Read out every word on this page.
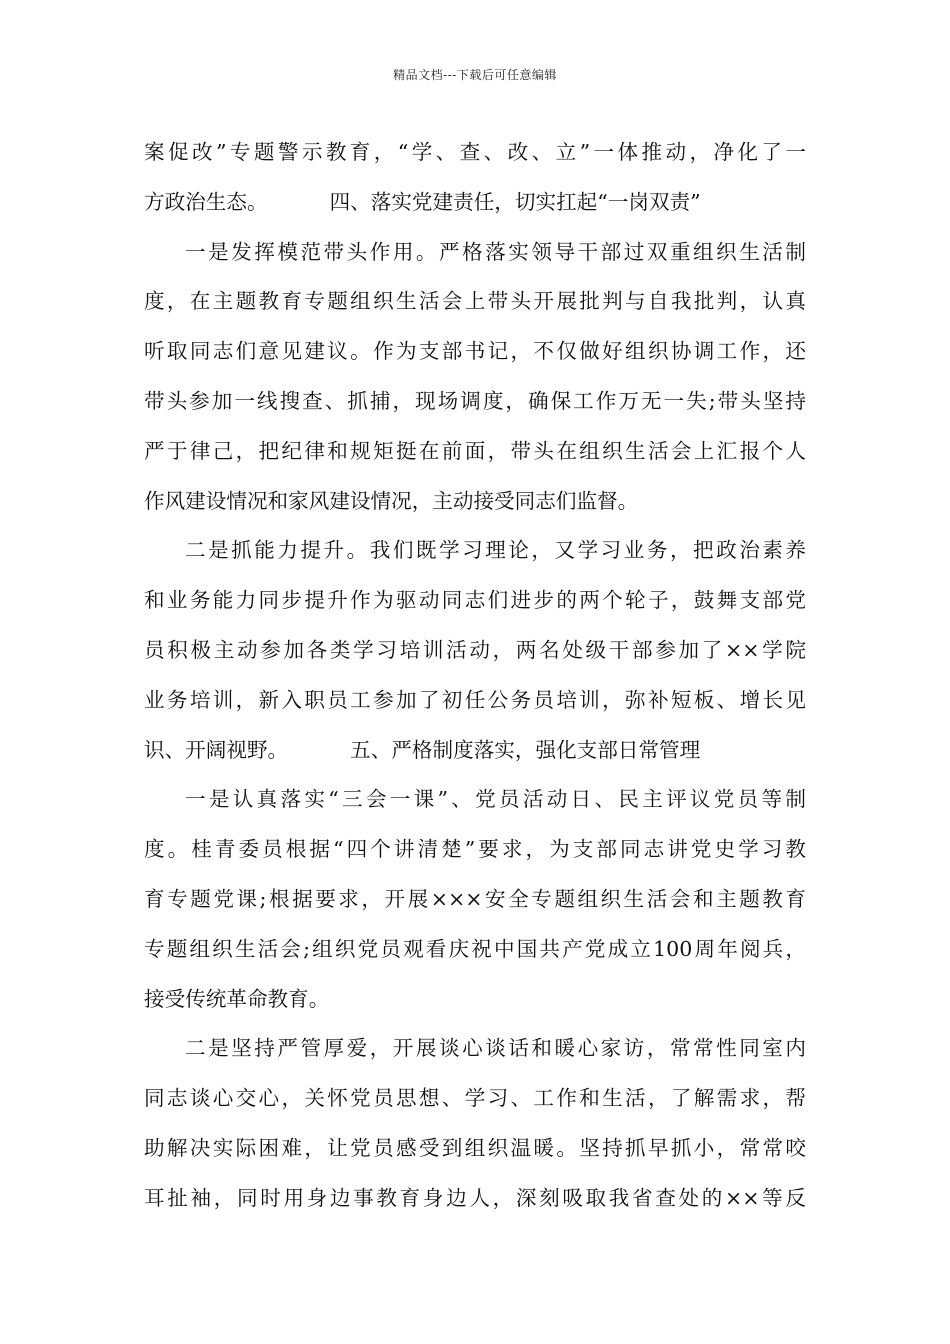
精品文档---下载后可任意编辑
案促改”专题警示教育，“学、查、改、立”一体推动，净化了一
方政治生态。	四、落实党建责任，切实扛起“一岗双责”
一是发挥模范带头作用。严格落实领导干部过双重组织生活制
度，在主题教育专题组织生活会上带头开展批判与自我批判，认真
听取同志们意见建议。作为支部书记，不仅做好组织协调工作，还
带头参加一线搜查、抓捕，现场调度，确保工作万无一失;带头坚持
严于律己，把纪律和规矩挺在前面，带头在组织生活会上汇报个人
作风建设情况和家风建设情况，主动接受同志们监督。
二是抓能力提升。我们既学习理论，又学习业务，把政治素养
和业务能力同步提升作为驱动同志们进步的两个轮子，鼓舞支部党
员积极主动参加各类学习培训活动，两名处级干部参加了××学院
业务培训，新入职员工参加了初任公务员培训，弥补短板、增长见
识、开阔视野。	五、严格制度落实，强化支部日常管理
一是认真落实“三会一课”、党员活动日、民主评议党员等制
度。桂青委员根据“四个讲清楚”要求，为支部同志讲党史学习教
育专题党课;根据要求，开展×××安全专题组织生活会和主题教育
专题组织生活会;组织党员观看庆祝中国共产党成立100周年阅兵，
接受传统革命教育。
二是坚持严管厚爱，开展谈心谈话和暖心家访，常常性同室内
同志谈心交心，关怀党员思想、学习、工作和生活，了解需求，帮
助解决实际困难，让党员感受到组织温暖。坚持抓早抓小，常常咬
耳扯袖，同时用身边事教育身边人，深刻吸取我省查处的××等反
